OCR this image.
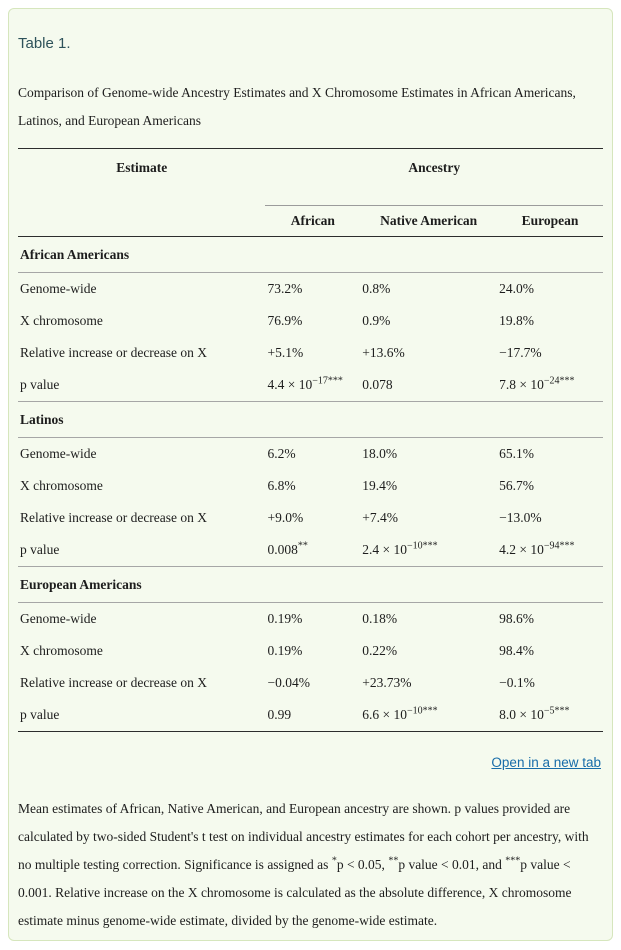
Table 1.
Comparison of Genome-wide Ancestry Estimates and X Chromosome Estimates in African Americans, Latinos, and European Americans
Estimate	Ancestry		
	African	Native American	European
African Americans			
Genome-wide	73.2%	0.8%	24.0%
X chromosome	76.9%	0.9%	19.8%
Relative increase or decrease on X	+5.1%	+13.6%	−17.7%
p value	$4.4 \times 10^{-17***}$	0.078	$7.8 \times 10^{-24***}$
Latinos			
Genome-wide	6.2%	18.0%	65.1%
X chromosome	6.8%	19.4%	56.7%
Relative increase or decrease on X	+9.0%	+7.4%	−13.0%
p value	0.008**	$2.4 \times 10^{-10***}$	$4.2 \times 10^{-94***}$
European Americans			
Genome-wide	0.19%	0.18%	98.6%
X chromosome	0.19%	0.22%	98.4%
Relative increase or decrease on X	−0.04%	+23.73%	−0.1%
p value	0.99	$6.6 \times 10^{-10***}$	$8.0 \times 10^{-5***}$
Open in a new tab
Mean estimates of African, Native American, and European ancestry are shown. p values provided are calculated by two-sided Student's t test on individual ancestry estimates for each cohort per ancestry, with no multiple testing correction. Significance is assigned as *p < 0.05, **p value < 0.01, and ***p value < 0.001. Relative increase on the X chromosome is calculated as the absolute difference, X chromosome estimate minus genome-wide estimate, divided by the genome-wide estimate.
